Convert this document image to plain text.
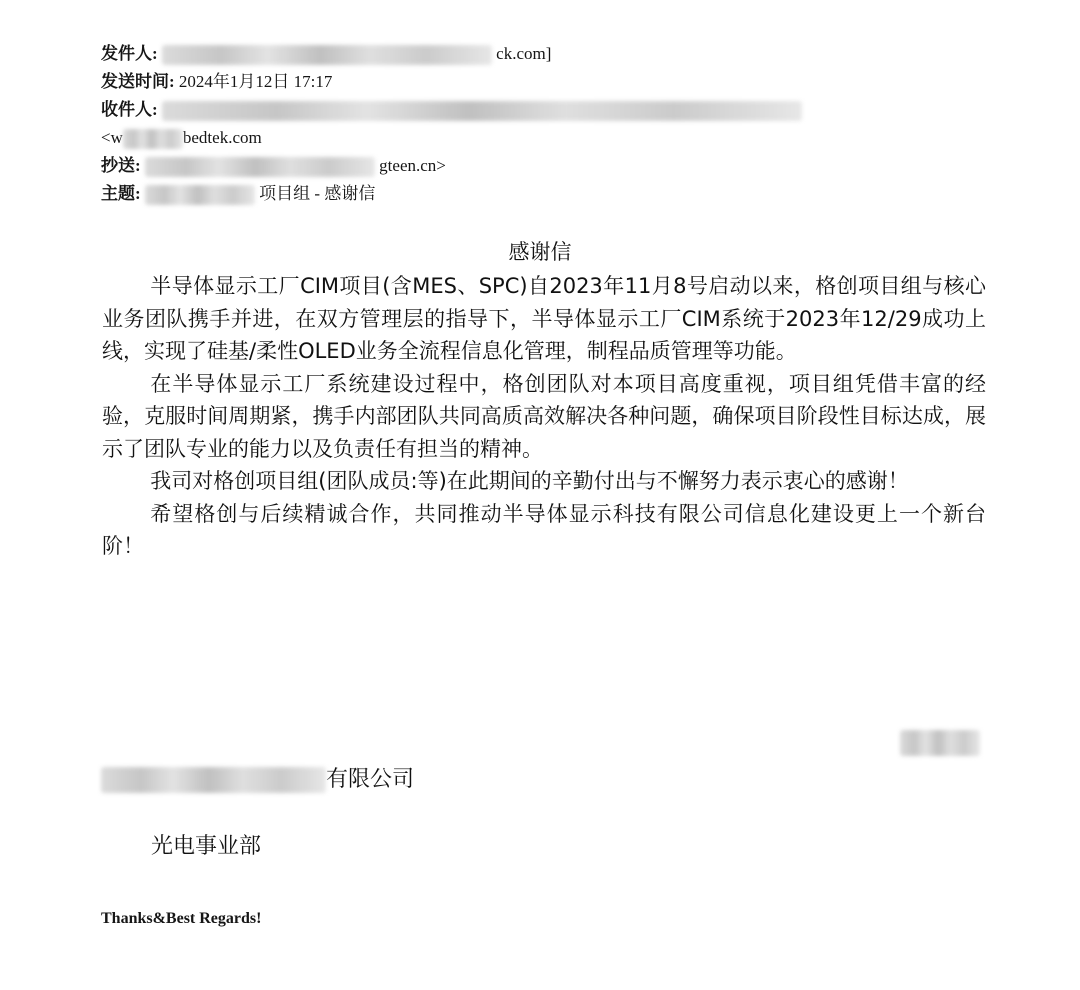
发件人:	ck.com]
发送时间: 2024年1月12日 17:17
收件人:
<w	bedtek.com
抄送:	gteen.cn>
主题:	项目组 - 感谢信
感谢信

半导体显示工厂CIM项目(含MES、SPC)自2023年11月8号启动以来，格创项目组与核心业务团队携手并进，在双方管理层的指导下，半导体显示工厂CIM系统于2023年12/29成功上线，实现了硅基/柔性OLED业务全流程信息化管理，制程品质管理等功能。

在半导体显示工厂系统建设过程中，格创团队对本项目高度重视，项目组凭借丰富的经验，克服时间周期紧，携手内部团队共同高质高效解决各种问题，确保项目阶段性目标达成，展示了团队专业的能力以及负责任有担当的精神。

我司对格创项目组(团队成员:等)在此期间的辛勤付出与不懈努力表示衷心的感谢！

希望格创与后续精诚合作，共同推动半导体显示科技有限公司信息化建设更上一个新台阶！

有限公司
光电事业部
Thanks&Best Regards!
